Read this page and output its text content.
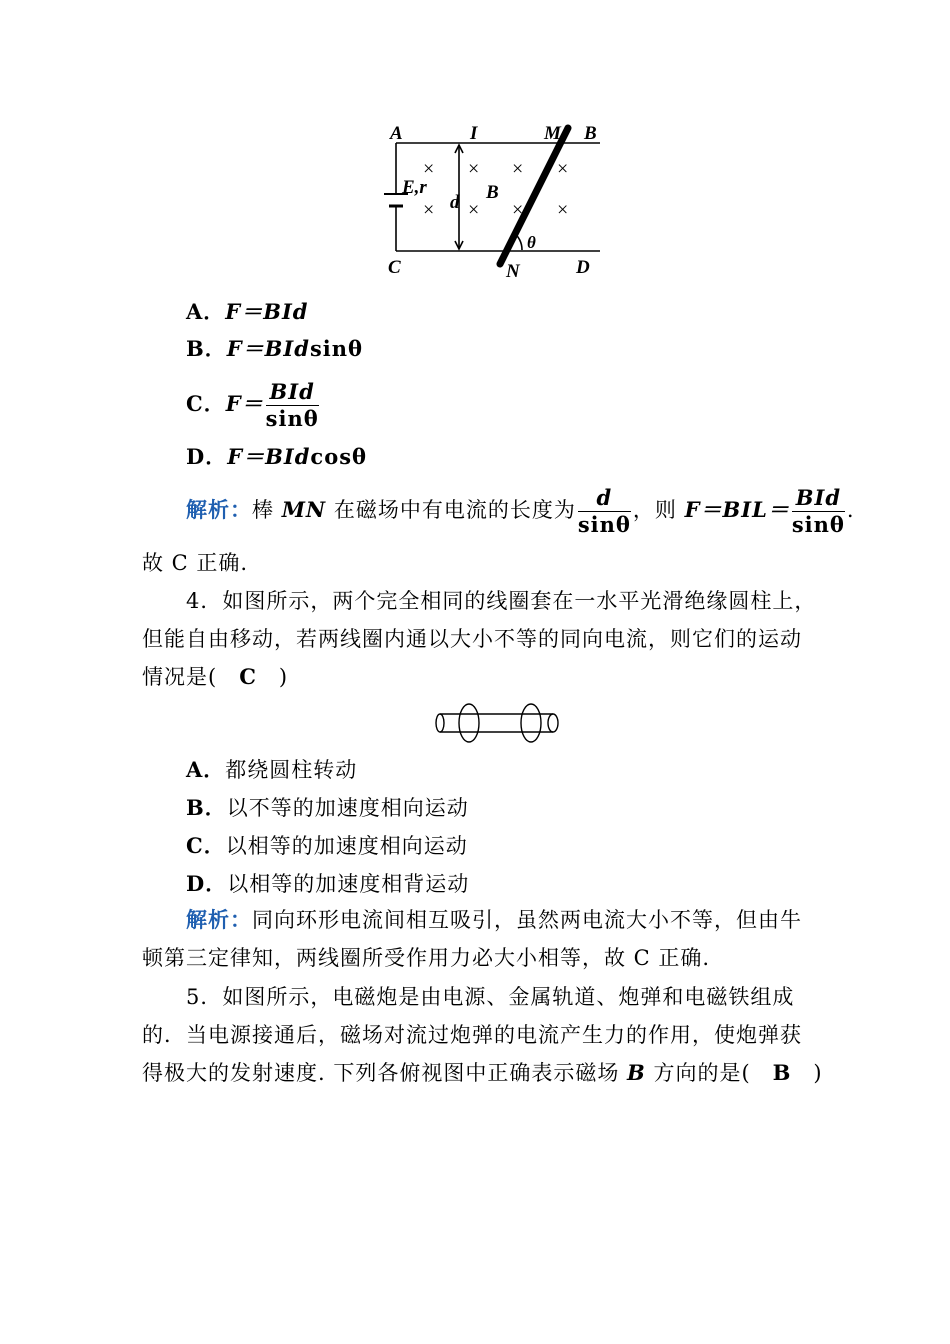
A	I	M B
C	N	D
E,r
d B
θ
× × × ×
× × × ×
A．F＝BId
B．F＝BIdsinθ
C．$F= \frac{\text{BId}}{\sin\theta}$
D．F＝BIdcosθ
解析：棒 MN 在磁场中有电流的长度为 $\frac{d}{\sin\theta}$ ，则 $F=BIL= \frac{\text{BId}}{\sin\theta}$ .
故 C 正确.
4．如图所示，两个完全相同的线圈套在一水平光滑绝缘圆柱上，
但能自由移动，若两线圈内通以大小不等的同向电流，则它们的运动
情况是(　C　)
A．都绕圆柱转动
B．以不等的加速度相向运动
C．以相等的加速度相向运动
D．以相等的加速度相背运动
解析：同向环形电流间相互吸引，虽然两电流大小不等，但由牛
顿第三定律知，两线圈所受作用力必大小相等，故 C 正确.
5．如图所示，电磁炮是由电源、金属轨道、炮弹和电磁铁组成
的．当电源接通后，磁场对流过炮弹的电流产生力的作用，使炮弹获
得极大的发射速度. 下列各俯视图中正确表示磁场 B 方向的是(　B　)
